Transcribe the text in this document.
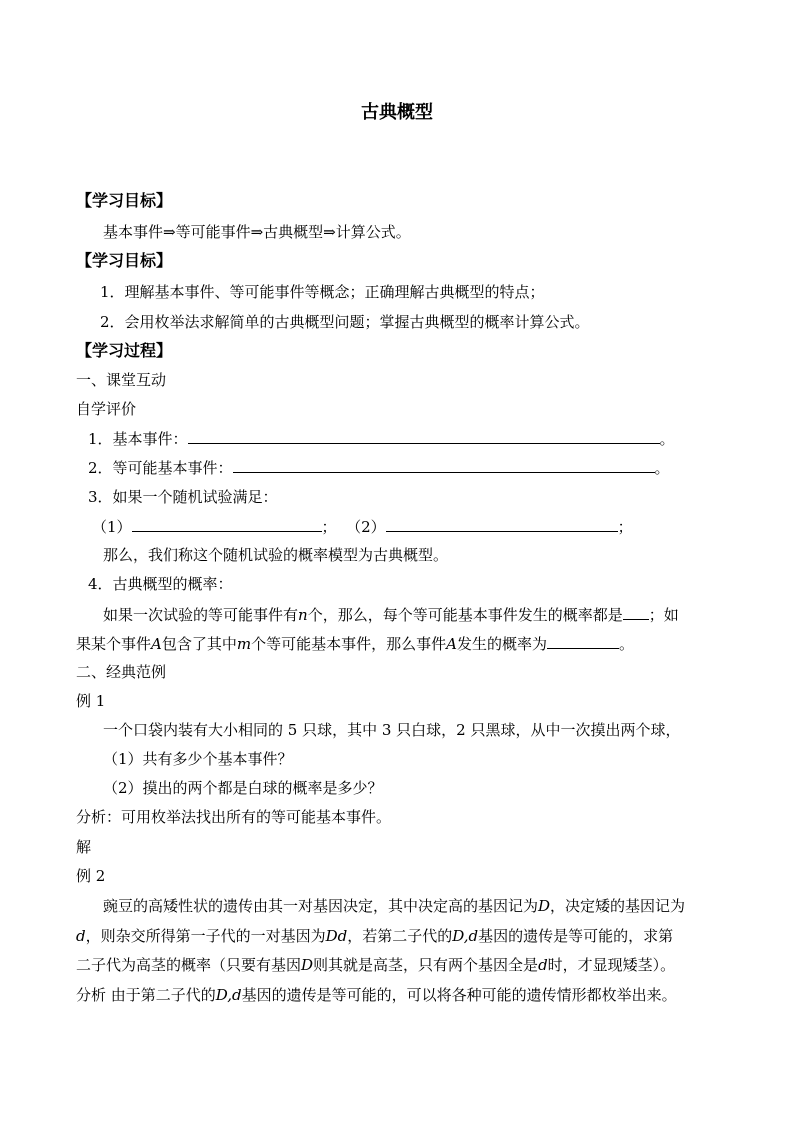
古典概型
【学习目标】
基本事件⇒等可能事件⇒古典概型⇒计算公式。
【学习目标】
1．理解基本事件、等可能事件等概念；正确理解古典概型的特点；
2．会用枚举法求解简单的古典概型问题；掌握古典概型的概率计算公式。
【学习过程】
一、课堂互动
自学评价
1．基本事件：	。
2．等可能基本事件：	。
3．如果一个随机试验满足：
（1）	； （2）	；
那么，我们称这个随机试验的概率模型为古典概型。
4．古典概型的概率：
如果一次试验的等可能事件有n个，那么，每个等可能基本事件发生的概率都是 ；如
果某个事件A包含了其中m个等可能基本事件，那么事件A发生的概率为	。
二、经典范例
例 1
一个口袋内装有大小相同的 5 只球，其中 3 只白球，2 只黑球，从中一次摸出两个球，
（1）共有多少个基本事件？
（2）摸出的两个都是白球的概率是多少？
分析：可用枚举法找出所有的等可能基本事件。
解
例 2
豌豆的高矮性状的遗传由其一对基因决定，其中决定高的基因记为D，决定矮的基因记为
d，则杂交所得第一子代的一对基因为Dd，若第二子代的D,d基因的遗传是等可能的，求第
二子代为高茎的概率（只要有基因D则其就是高茎，只有两个基因全是d时，才显现矮茎）。
分析 由于第二子代的D,d基因的遗传是等可能的，可以将各种可能的遗传情形都枚举出来。
